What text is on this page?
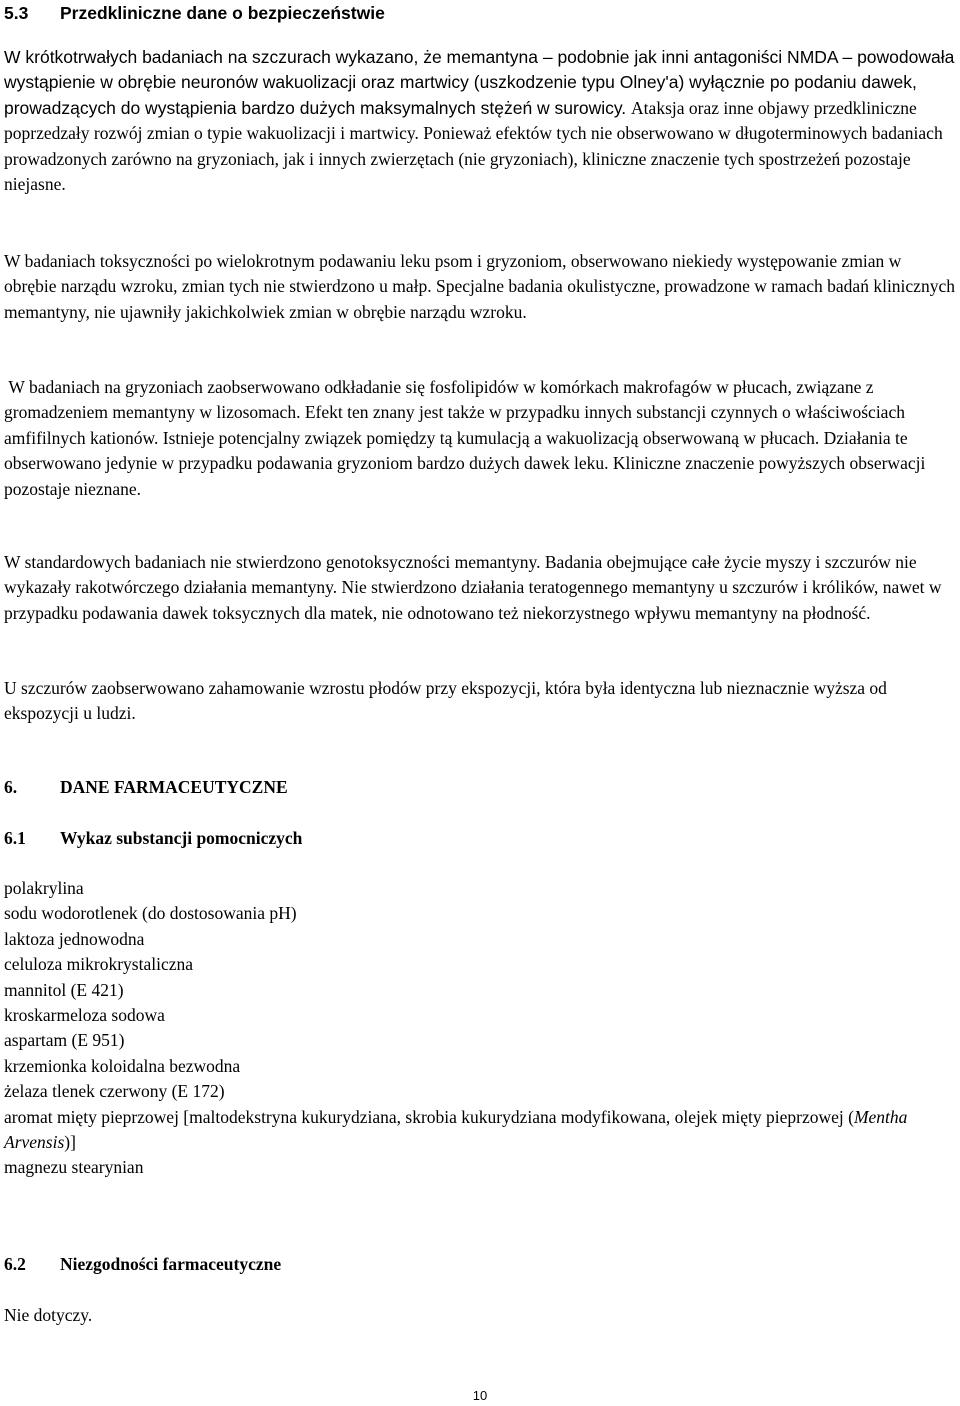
5.3	Przedkliniczne dane o bezpieczeństwie

W krótkotrwałych badaniach na szczurach wykazano, że memantyna – podobnie jak inni antagoniści NMDA – powodowała wystąpienie w obrębie neuronów wakuolizacji oraz martwicy (uszkodzenie typu Olney'a) wyłącznie po podaniu dawek, prowadzących do wystąpienia bardzo dużych maksymalnych stężeń w surowicy. Ataksja oraz inne objawy przedkliniczne poprzedzały rozwój zmian o typie wakuolizacji i martwicy. Ponieważ efektów tych nie obserwowano w długoterminowych badaniach prowadzonych zarówno na gryzoniach, jak i innych zwierzętach (nie gryzoniach), kliniczne znaczenie tych spostrzeżeń pozostaje niejasne.

W badaniach toksyczności po wielokrotnym podawaniu leku psom i gryzoniom, obserwowano niekiedy występowanie zmian w obrębie narządu wzroku, zmian tych nie stwierdzono u małp. Specjalne badania okulistyczne, prowadzone w ramach badań klinicznych memantyny, nie ujawniły jakichkolwiek zmian w obrębie narządu wzroku.

W badaniach na gryzoniach zaobserwowano odkładanie się fosfolipidów w komórkach makrofagów w płucach, związane z gromadzeniem memantyny w lizosomach. Efekt ten znany jest także w przypadku innych substancji czynnych o właściwościach amfifilnych kationów. Istnieje potencjalny związek pomiędzy tą kumulacją a wakuolizacją obserwowaną w płucach. Działania te obserwowano jedynie w przypadku podawania gryzoniom bardzo dużych dawek leku. Kliniczne znaczenie powyższych obserwacji pozostaje nieznane.

W standardowych badaniach nie stwierdzono genotoksyczności memantyny. Badania obejmujące całe życie myszy i szczurów nie wykazały rakotwórczego działania memantyny. Nie stwierdzono działania teratogennego memantyny u szczurów i królików, nawet w przypadku podawania dawek toksycznych dla matek, nie odnotowano też niekorzystnego wpływu memantyny na płodność.

U szczurów zaobserwowano zahamowanie wzrostu płodów przy ekspozycji, która była identyczna lub nieznacznie wyższa od ekspozycji u ludzi.

6.	DANE FARMACEUTYCZNE
6.1	Wykaz substancji pomocniczych
polakrylina
sodu wodorotlenek (do dostosowania pH)
laktoza jednowodna
celuloza mikrokrystaliczna
mannitol (E 421)
kroskarmeloza sodowa
aspartam (E 951)
krzemionka koloidalna bezwodna
żelaza tlenek czerwony (E 172)
aromat mięty pieprzowej [maltodekstryna kukurydziana, skrobia kukurydziana modyfikowana, olejek mięty pieprzowej (Mentha Arvensis)]
magnezu stearynian
6.2	Niezgodności farmaceutyczne

Nie dotyczy.

10
